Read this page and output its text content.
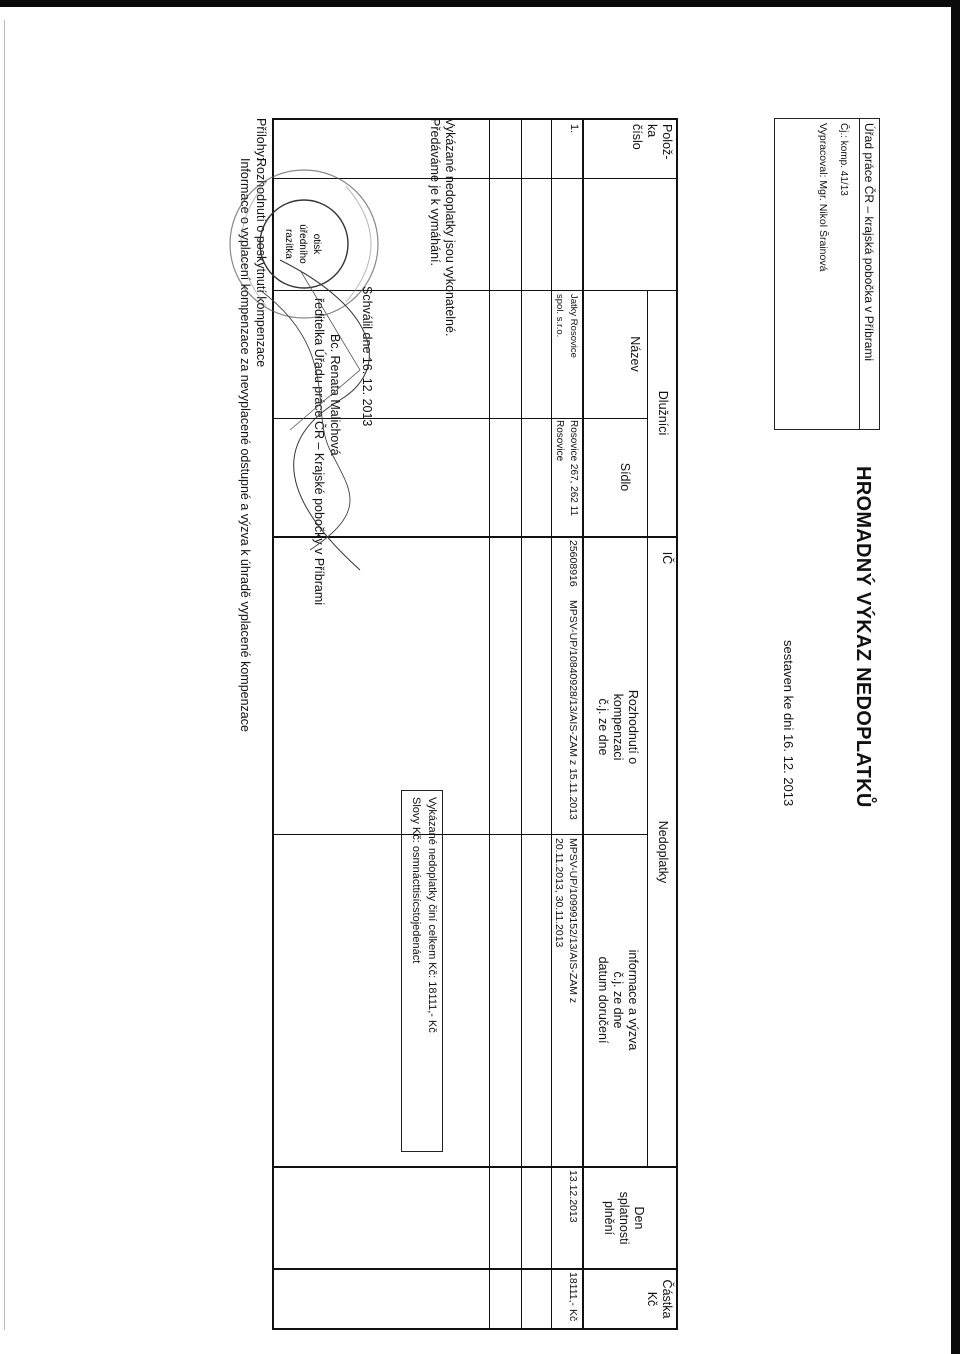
Úřad práce ČR – krajská pobočka v Příbrami
Čj.: komp. 41/13
Vypracoval: Mgr. Nikol Šrainová
HROMADNÝ VÝKAZ NEDOPLATKŮ
sestaven ke dni 16. 12. 2013
Polož-
ka
číslo
Dlužníci
Nedoplatky
Název
Sídlo
IČ
Rozhodnutí o
kompenzaci
č.j. ze dne
informace a výzva
č.j. ze dne
datum doručení
Den
splatnosti
plnění
Částka
Kč
1.
Jatky Rosovice
spol. s.r.o.
Rosovice 267, 262 11
Rosovice
25608916
MPSV-UP/10840928/13/AIS-ZAM z 15.11.2013
MPSV-UP/10999152/13/AIS-ZAM z
20.11.2013, 30.11.2013
13.12.2013
18111,- Kč
Vykázané nedoplatky činí celkem Kč: 18111,- Kč
Slovy Kč: osmnácttisícstojedenáct
Vykázané nedoplatky jsou vykonatelné.
Předáváme je k vymáhání.
Schválil dne 16. 12. 2013
Bc. Renata Malichová
ředitelka Úřadu práce ČR – Krajské pobočky v Příbrami
Přílohy:
Rozhodnutí o poskytnutí kompenzace
Informace o vyplacení kompenzace za nevyplacené odstupné a výzva k úhradě vyplacené kompenzace	otisk
úředního
razítka
